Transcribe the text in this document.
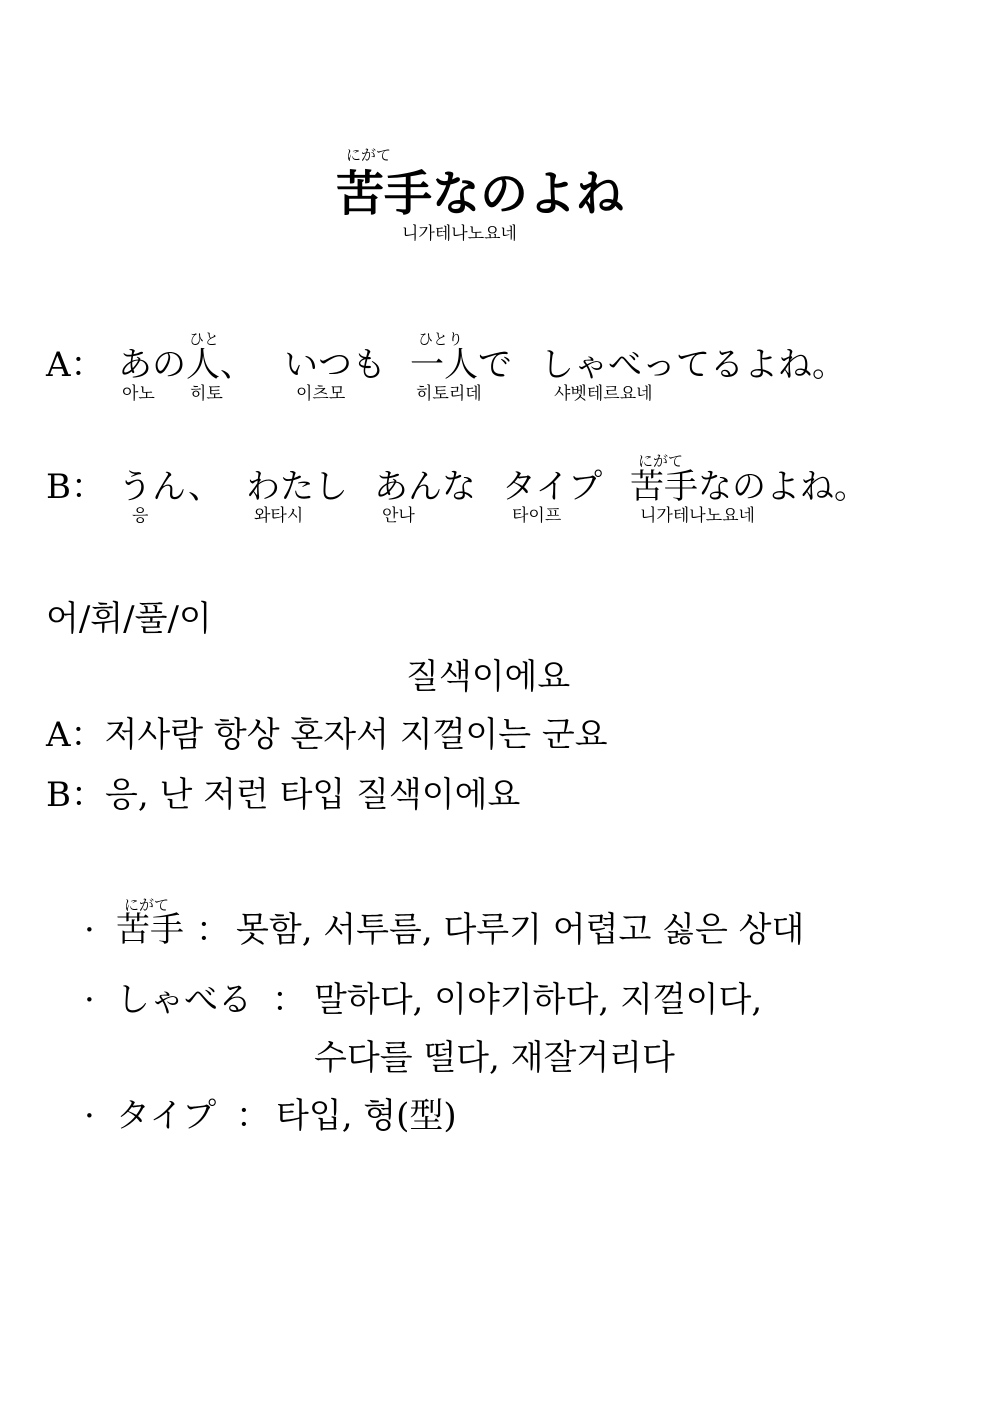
にがて
苦手なのよね
니가테나노요네
ひと	ひとり
A： あの人、 いつも 一人で しゃべってるよね。
아노 히토	이츠모	히토리데	샤벳테르요네
にがて
B： うん、 わたし あんな タイプ 苦手なのよね。
응	와타시	안나	타이프	니가테나노요네
어/휘/풀/이
질색이에요
A：저사람 항상 혼자서 지껄이는 군요
B：응, 난 저런 타입 질색이에요
にがて
· 苦手 ： 못함, 서투름, 다루기 어렵고 싫은 상대
· しゃべる ： 말하다, 이야기하다, 지껄이다,
수다를 떨다, 재잘거리다
· タイプ ： 타입, 형(型)
